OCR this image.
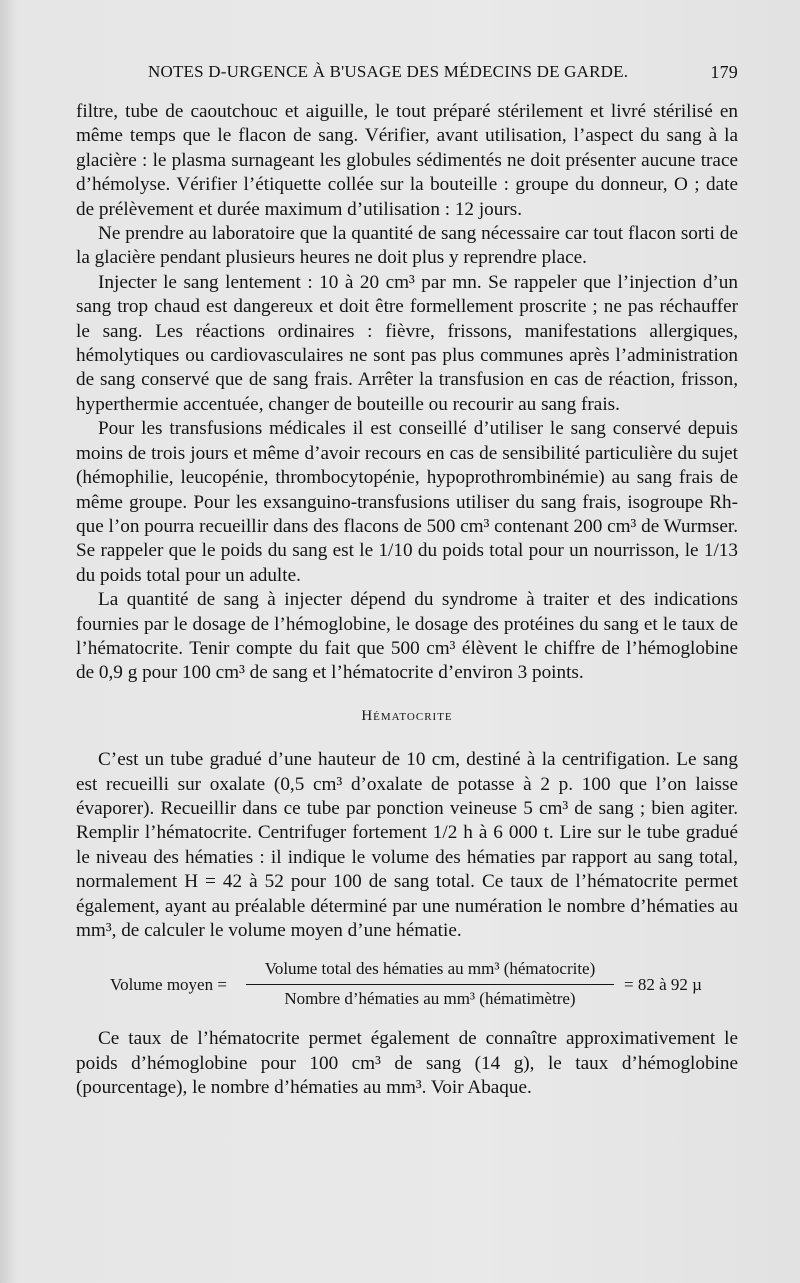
NOTES D-URGENCE À B'USAGE DES MÉDECINS DE GARDE.	179

filtre, tube de caoutchouc et aiguille, le tout préparé stérilement et livré stérilisé en même temps que le flacon de sang. Vérifier, avant utilisation, l’aspect du sang à la glacière : le plasma surnageant les globules sédimentés ne doit présenter aucune trace d’hémolyse. Vérifier l’étiquette collée sur la bouteille : groupe du donneur, O ; date de prélèvement et durée maximum d’utilisation : 12 jours.

Ne prendre au laboratoire que la quantité de sang nécessaire car tout flacon sorti de la glacière pendant plusieurs heures ne doit plus y reprendre place.

Injecter le sang lentement : 10 à 20 cm³ par mn. Se rappeler que l’injection d’un sang trop chaud est dangereux et doit être formellement proscrite ; ne pas réchauffer le sang. Les réactions ordinaires : fièvre, frissons, manifestations allergiques, hémolytiques ou cardiovasculaires ne sont pas plus communes après l’administration de sang conservé que de sang frais. Arrêter la transfusion en cas de réaction, frisson, hyperthermie accentuée, changer de bouteille ou recourir au sang frais.

Pour les transfusions médicales il est conseillé d’utiliser le sang conservé depuis moins de trois jours et même d’avoir recours en cas de sensibilité particulière du sujet (hémophilie, leucopénie, thrombocytopénie, hypoprothrombinémie) au sang frais de même groupe. Pour les exsanguino-transfusions utiliser du sang frais, isogroupe Rh- que l’on pourra recueillir dans des flacons de 500 cm³ contenant 200 cm³ de Wurmser. Se rappeler que le poids du sang est le 1/10 du poids total pour un nourrisson, le 1/13 du poids total pour un adulte.

La quantité de sang à injecter dépend du syndrome à traiter et des indications fournies par le dosage de l’hémoglobine, le dosage des protéines du sang et le taux de l’hématocrite. Tenir compte du fait que 500 cm³ élèvent le chiffre de l’hémoglobine de 0,9 g pour 100 cm³ de sang et l’hématocrite d’environ 3 points.

Hématocrite

C’est un tube gradué d’une hauteur de 10 cm, destiné à la centrifigation. Le sang est recueilli sur oxalate (0,5 cm³ d’oxalate de potasse à 2 p. 100 que l’on laisse évaporer). Recueillir dans ce tube par ponction veineuse 5 cm³ de sang ; bien agiter. Remplir l’hématocrite. Centrifuger fortement 1/2 h à 6 000 t. Lire sur le tube gradué le niveau des hématies : il indique le volume des hématies par rapport au sang total, normalement H = 42 à 52 pour 100 de sang total. Ce taux de l’hématocrite permet également, ayant au préalable déterminé par une numération le nombre d’hématies au mm³, de calculer le volume moyen d’une hématie.

Volume moyen =
Volume total des hématies au mm³ (hématocrite)
Nombre d’hématies au mm³ (hématimètre)
= 82 à 92 µ

Ce taux de l’hématocrite permet également de connaître approximativement le poids d’hémoglobine pour 100 cm³ de sang (14 g), le taux d’hémoglobine (pourcentage), le nombre d’hématies au mm³. Voir Abaque.
